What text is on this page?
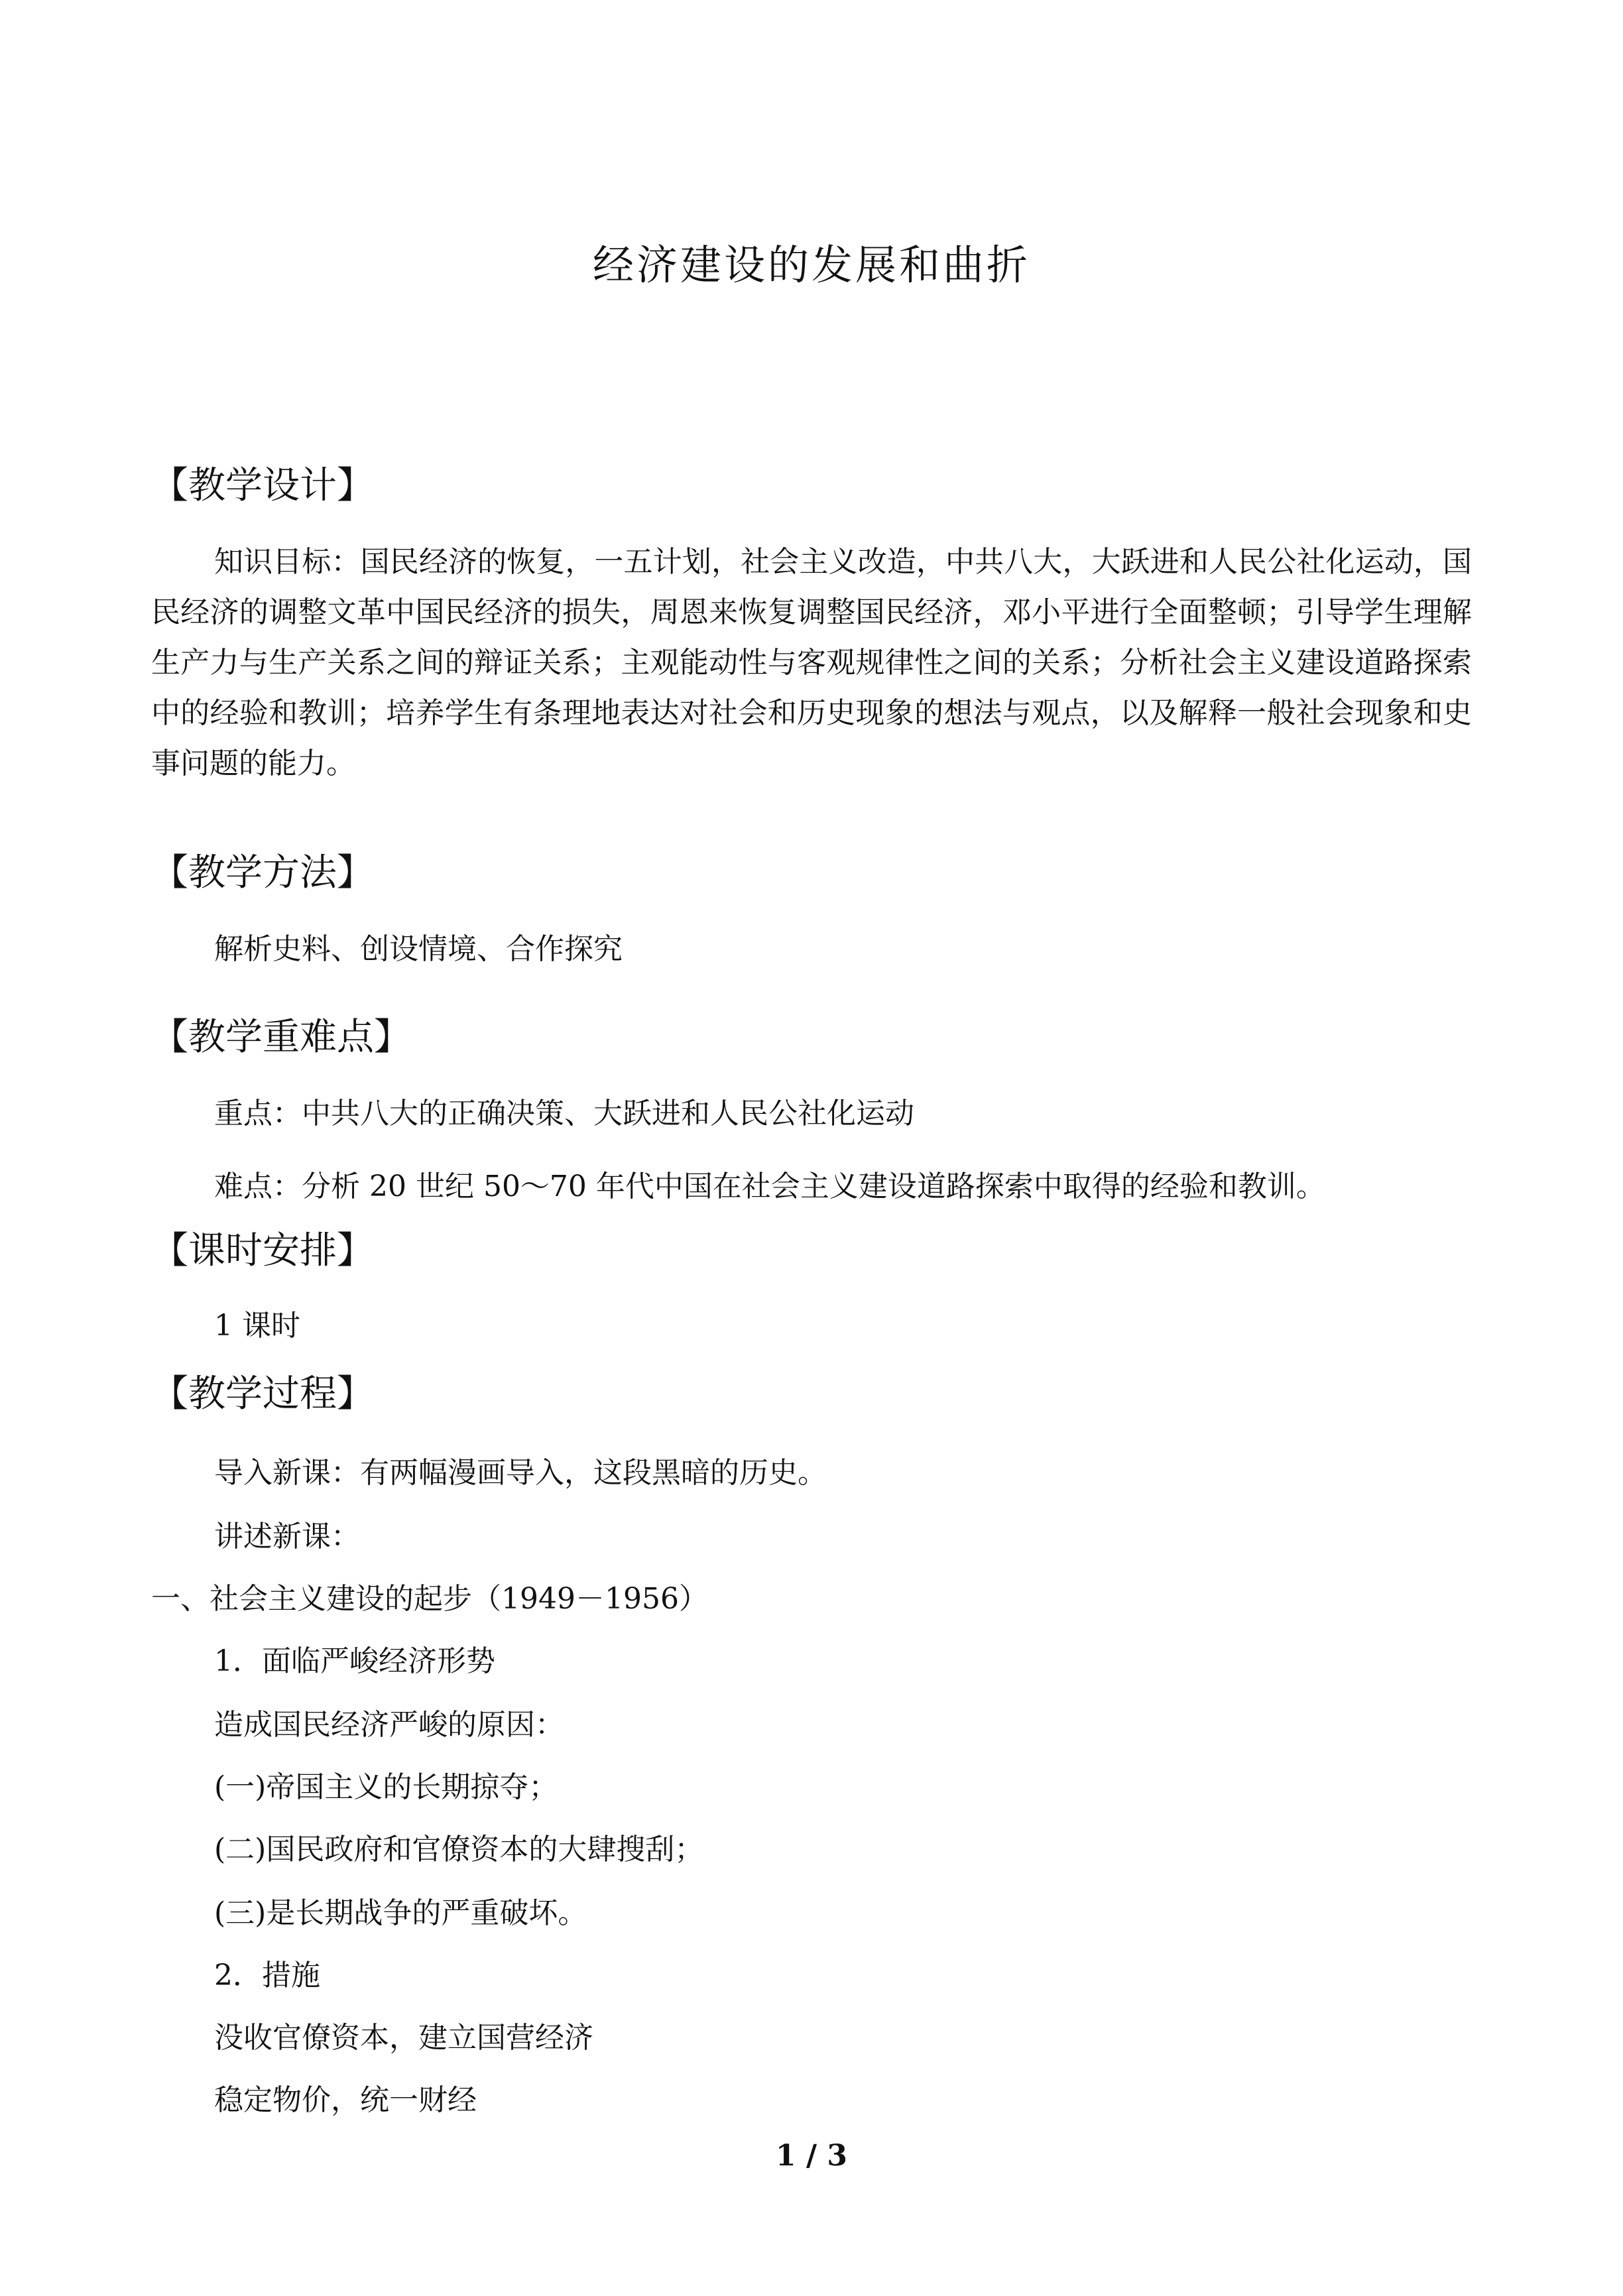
经济建设的发展和曲折
【教学设计】

知识目标：国民经济的恢复，一五计划，社会主义改造，中共八大，大跃进和人民公社化运动，国民经济的调整文革中国民经济的损失，周恩来恢复调整国民经济，邓小平进行全面整顿；引导学生理解生产力与生产关系之间的辩证关系；主观能动性与客观规律性之间的关系；分析社会主义建设道路探索中的经验和教训；培养学生有条理地表达对社会和历史现象的想法与观点，以及解释一般社会现象和史事问题的能力。

【教学方法】

解析史料、创设情境、合作探究

【教学重难点】

重点：中共八大的正确决策、大跃进和人民公社化运动

难点：分析 20 世纪 50～70 年代中国在社会主义建设道路探索中取得的经验和教训。

【课时安排】

1 课时

【教学过程】

导入新课：有两幅漫画导入，这段黑暗的历史。

讲述新课：

一、社会主义建设的起步（1949－1956）

1．面临严峻经济形势

造成国民经济严峻的原因：

(一)帝国主义的长期掠夺；

(二)国民政府和官僚资本的大肆搜刮；

(三)是长期战争的严重破坏。

2．措施

没收官僚资本，建立国营经济

稳定物价，统一财经

1 / 3
